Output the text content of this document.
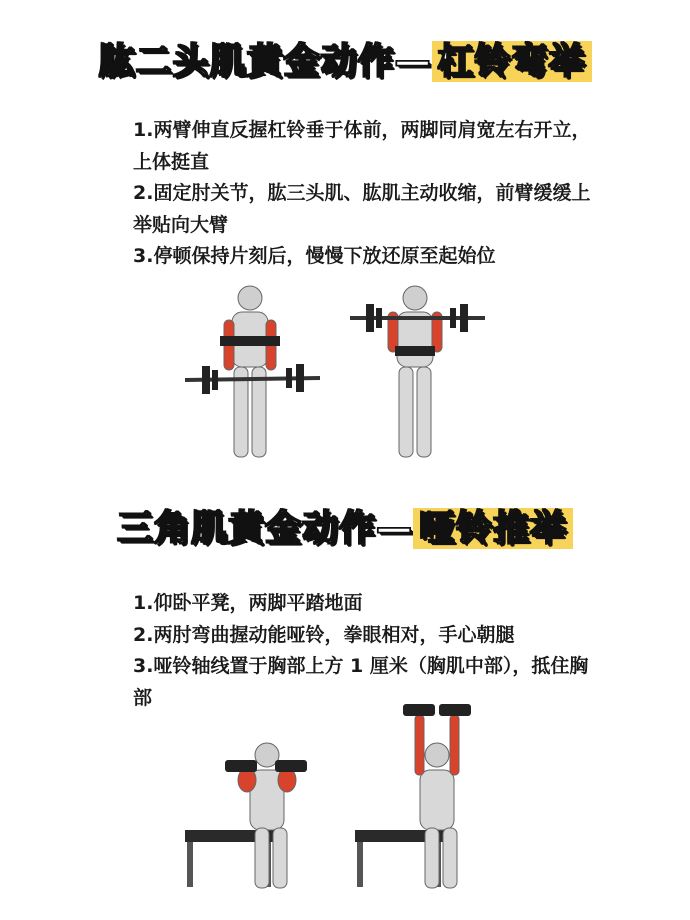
肱二头肌黄金动作— 杠铃弯举
1.两臂伸直反握杠铃垂于体前，两脚同肩宽左右开立，上体挺直
2.固定肘关节，肱三头肌、肱肌主动收缩，前臂缓缓上举贴向大臂
3.停顿保持片刻后，慢慢下放还原至起始位
三角肌黄金动作— 哑铃推举
1.仰卧平凳，两脚平踏地面
2.两肘弯曲握动能哑铃，拳眼相对，手心朝腿
3.哑铃轴线置于胸部上方 1 厘米（胸肌中部），抵住胸部
